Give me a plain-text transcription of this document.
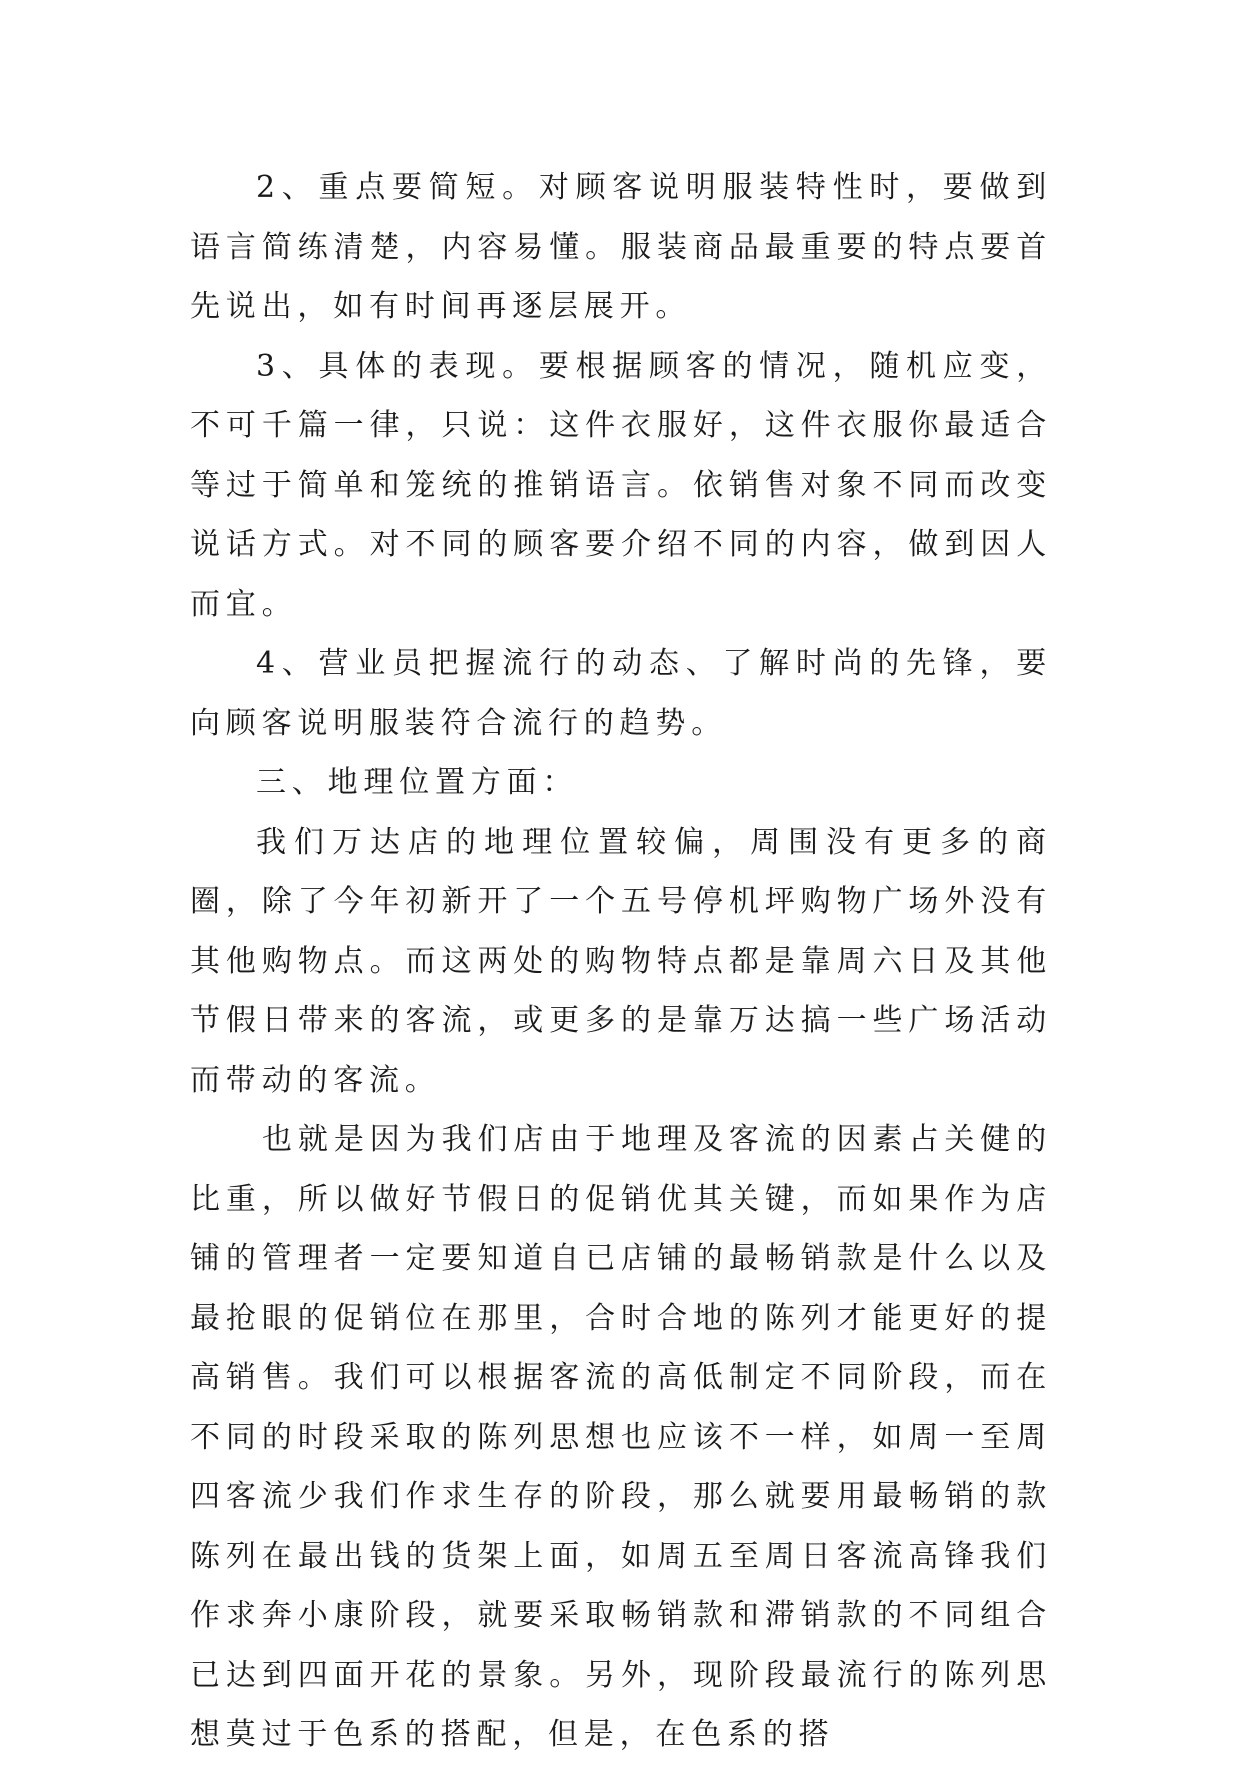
2、重点要简短。对顾客说明服装特性时，要做到语言简练清楚，内容易懂。服装商品最重要的特点要首先说出，如有时间再逐层展开。

3、具体的表现。要根据顾客的情况，随机应变，不可千篇一律，只说：这件衣服好，这件衣服你最适合等过于简单和笼统的推销语言。依销售对象不同而改变说话方式。对不同的顾客要介绍不同的内容，做到因人而宜。

4、营业员把握流行的动态、了解时尚的先锋，要向顾客说明服装符合流行的趋势。

三、地理位置方面：

我们万达店的地理位置较偏，周围没有更多的商圈，除了今年初新开了一个五号停机坪购物广场外没有其他购物点。而这两处的购物特点都是靠周六日及其他节假日带来的客流，或更多的是靠万达搞一些广场活动而带动的客流。

也就是因为我们店由于地理及客流的因素占关健的比重，所以做好节假日的促销优其关键，而如果作为店铺的管理者一定要知道自已店铺的最畅销款是什么以及最抢眼的促销位在那里，合时合地的陈列才能更好的提高销售。我们可以根据客流的高低制定不同阶段，而在不同的时段采取的陈列思想也应该不一样，如周一至周四客流少我们作求生存的阶段，那么就要用最畅销的款陈列在最出钱的货架上面，如周五至周日客流高锋我们作求奔小康阶段，就要采取畅销款和滞销款的不同组合已达到四面开花的景象。另外，现阶段最流行的陈列思想莫过于色系的搭配，但是，在色系的搭
